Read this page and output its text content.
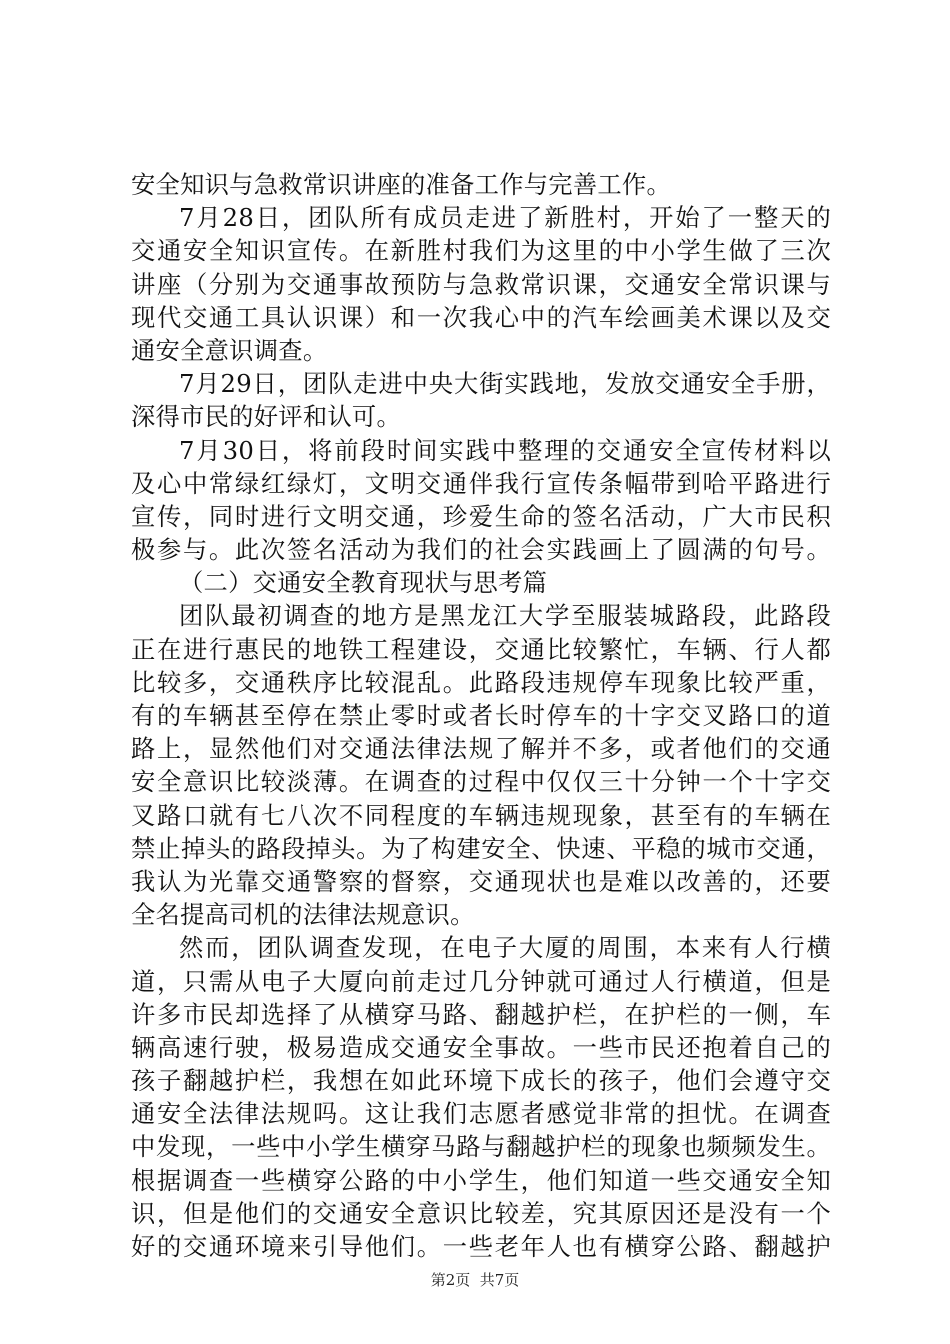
安全知识与急救常识讲座的准备工作与完善工作。
7月28日，团队所有成员走进了新胜村，开始了一整天的
交通安全知识宣传。在新胜村我们为这里的中小学生做了三次
讲座（分别为交通事故预防与急救常识课，交通安全常识课与
现代交通工具认识课）和一次我心中的汽车绘画美术课以及交
通安全意识调查。
7月29日，团队走进中央大街实践地，发放交通安全手册，
深得市民的好评和认可。
7月30日，将前段时间实践中整理的交通安全宣传材料以
及心中常绿红绿灯，文明交通伴我行宣传条幅带到哈平路进行
宣传，同时进行文明交通，珍爱生命的签名活动，广大市民积
极参与。此次签名活动为我们的社会实践画上了圆满的句号。
（二）交通安全教育现状与思考篇
团队最初调查的地方是黑龙江大学至服装城路段，此路段
正在进行惠民的地铁工程建设，交通比较繁忙，车辆、行人都
比较多，交通秩序比较混乱。此路段违规停车现象比较严重，
有的车辆甚至停在禁止零时或者长时停车的十字交叉路口的道
路上，显然他们对交通法律法规了解并不多，或者他们的交通
安全意识比较淡薄。在调查的过程中仅仅三十分钟一个十字交
叉路口就有七八次不同程度的车辆违规现象，甚至有的车辆在
禁止掉头的路段掉头。为了构建安全、快速、平稳的城市交通，
我认为光靠交通警察的督察，交通现状也是难以改善的，还要
全名提高司机的法律法规意识。
然而，团队调查发现，在电子大厦的周围，本来有人行横
道，只需从电子大厦向前走过几分钟就可通过人行横道，但是
许多市民却选择了从横穿马路、翻越护栏，在护栏的一侧，车
辆高速行驶，极易造成交通安全事故。一些市民还抱着自己的
孩子翻越护栏，我想在如此环境下成长的孩子，他们会遵守交
通安全法律法规吗。这让我们志愿者感觉非常的担忧。在调查
中发现，一些中小学生横穿马路与翻越护栏的现象也频频发生。
根据调查一些横穿公路的中小学生，他们知道一些交通安全知
识，但是他们的交通安全意识比较差，究其原因还是没有一个
好的交通环境来引导他们。一些老年人也有横穿公路、翻越护
第2页  共7页
